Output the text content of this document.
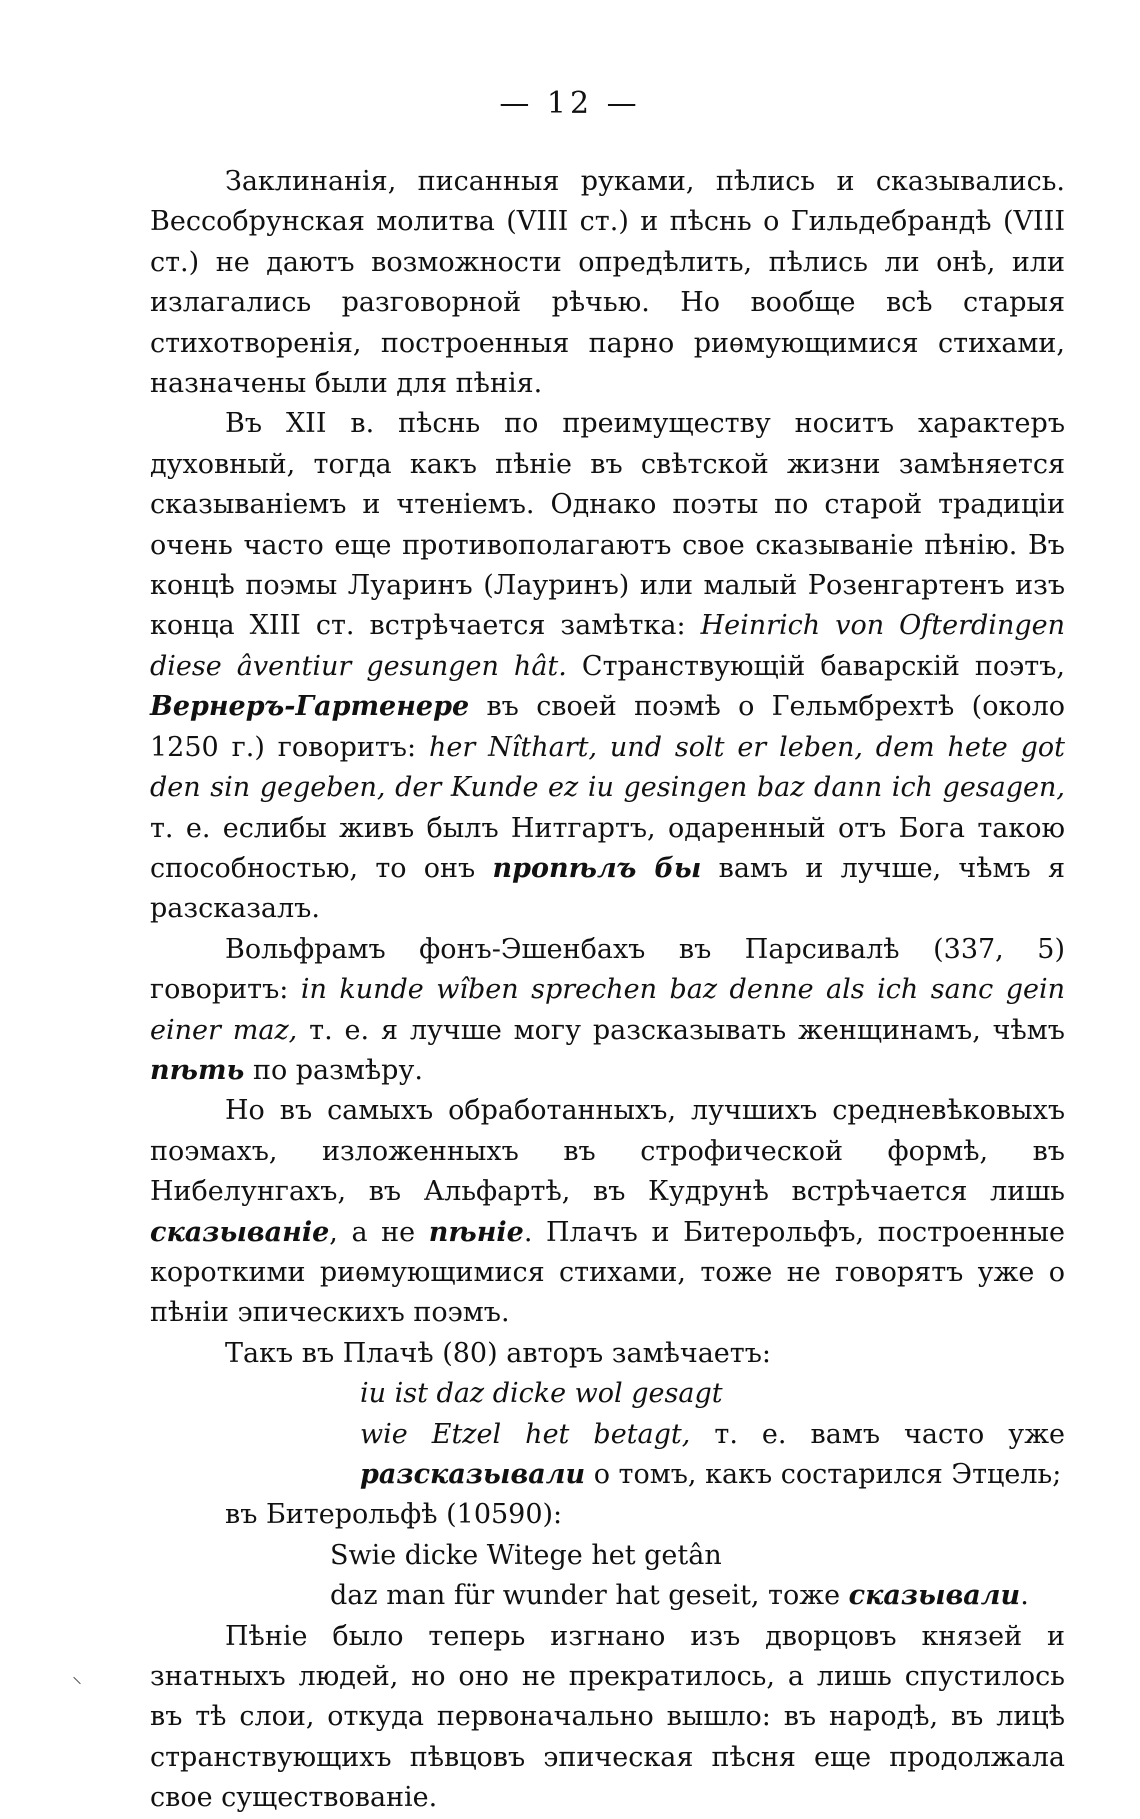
— 12 —

Заклинанія, писанныя руками, пѣлись и сказывались. Вессобрунская молитва (VIII ст.) и пѣснь о Гильдебрандѣ (VIII ст.) не даютъ возможности опредѣлить, пѣлись ли онѣ, или излагались разговорной рѣчью. Но вообще всѣ старыя стихотворенія, построенныя парно риѳмующимися стихами, назначены были для пѣнія.

Въ XII в. пѣснь по преимуществу носитъ характеръ духовный, тогда какъ пѣніе въ свѣтской жизни замѣняется сказываніемъ и чтеніемъ. Однако поэты по старой традиціи очень часто еще противополагаютъ свое сказываніе пѣнію. Въ концѣ поэмы Луаринъ (Лауринъ) или малый Розенгартенъ изъ конца XIII ст. встрѣчается замѣтка: Heinrich von Ofterdingen diese âventiur gesungen hât. Странствующій баварскій поэтъ, Вернеръ-Гартенере въ своей поэмѣ о Гельмбрехтѣ (около 1250 г.) говоритъ: her Nîthart, und solt er leben, dem hete got den sin gegeben, der Kunde ez iu gesingen baz dann ich gesagen, т. е. еслибы живъ былъ Нитгартъ, одаренный отъ Бога такою способностью, то онъ пропѣлъ бы вамъ и лучше, чѣмъ я разсказалъ.

Вольфрамъ фонъ-Эшенбахъ въ Парсивалѣ (337, 5) говоритъ: in kunde wîben sprechen baz denne als ich sanc gein einer maz, т. е. я лучше могу разсказывать женщинамъ, чѣмъ пѣть по размѣру.

Но въ самыхъ обработанныхъ, лучшихъ средневѣковыхъ поэмахъ, изложенныхъ въ строфической формѣ, въ Нибелунгахъ, въ Альфартѣ, въ Кудрунѣ встрѣчается лишь сказываніе, а не пѣніе. Плачъ и Битерольфъ, построенные короткими риѳмующимися стихами, тоже не говорятъ уже о пѣніи эпическихъ поэмъ.

Такъ въ Плачѣ (80) авторъ замѣчаетъ:

iu ist daz dicke wol gesagt

wie Etzel het betagt, т. е. вамъ часто уже разсказывали о томъ, какъ состарился Этцель;

въ Битерольфѣ (10590):

Swie dicke Witege het getân

daz man für wunder hat geseit, тоже сказывали.

Пѣніе было теперь изгнано изъ дворцовъ князей и знатныхъ людей, но оно не прекратилось, а лишь спустилось въ тѣ слои, откуда первоначально вышло: въ народѣ, въ лицѣ странствующихъ пѣвцовъ эпическая пѣсня еще продолжала свое существованіе.

⸌
